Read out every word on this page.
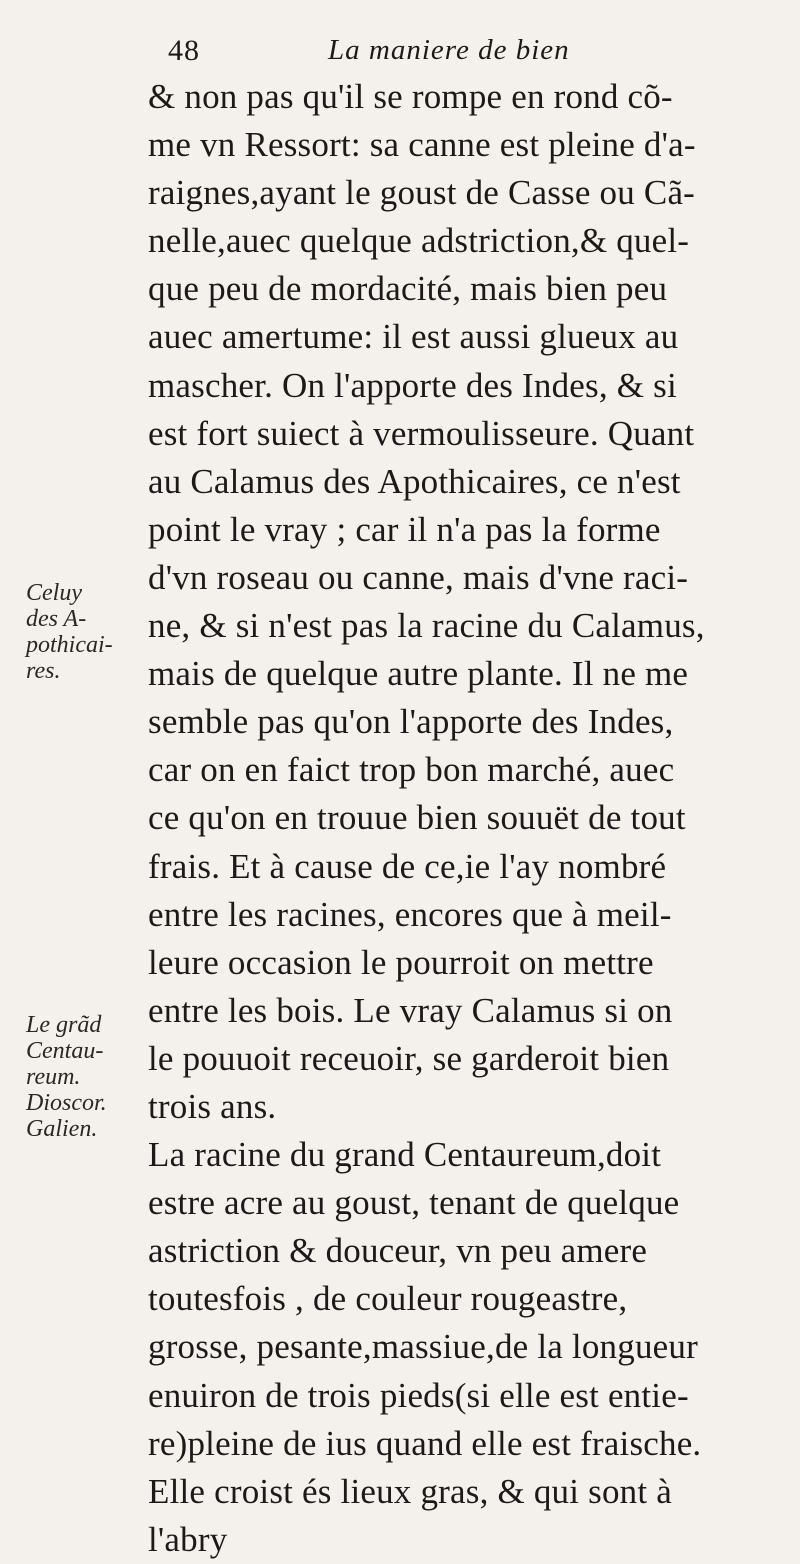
48	La maniere de bien
& non pas qu'il se rompe en rond cõ-
me vn Ressort: sa canne est pleine d'a-
raignes,ayant le goust de Casse ou Cã-
nelle,auec quelque adstriction,& quel-
que peu de mordacité, mais bien peu
auec amertume: il est aussi glueux au
mascher. On l'apporte des Indes, & si
est fort suiect à vermoulisseure. Quant
au Calamus des Apothicaires, ce n'est
point le vray ; car il n'a pas la forme
d'vn roseau ou canne, mais d'vne raci-
ne, & si n'est pas la racine du Calamus,
mais de quelque autre plante. Il ne me
semble pas qu'on l'apporte des Indes,
car on en faict trop bon marché, auec
ce qu'on en trouue bien souuët de tout
frais. Et à cause de ce,ie l'ay nombré
entre les racines, encores que à meil-
leure occasion le pourroit on mettre
entre les bois. Le vray Calamus si on
le pouuoit receuoir, se garderoit bien
trois ans.
La racine du grand Centaureum,doit
estre acre au goust, tenant de quelque
astriction & douceur, vn peu amere
toutesfois , de couleur rougeastre,
grosse, pesante,massiue,de la longueur
enuiron de trois pieds(si elle est entie-
re)pleine de ius quand elle est fraische.
Elle croist és lieux gras, & qui sont à
l'abry
Celuy
des A-
pothicai-
res.
Le grãd
Centau-
reum.
Dioscor.
Galien.
